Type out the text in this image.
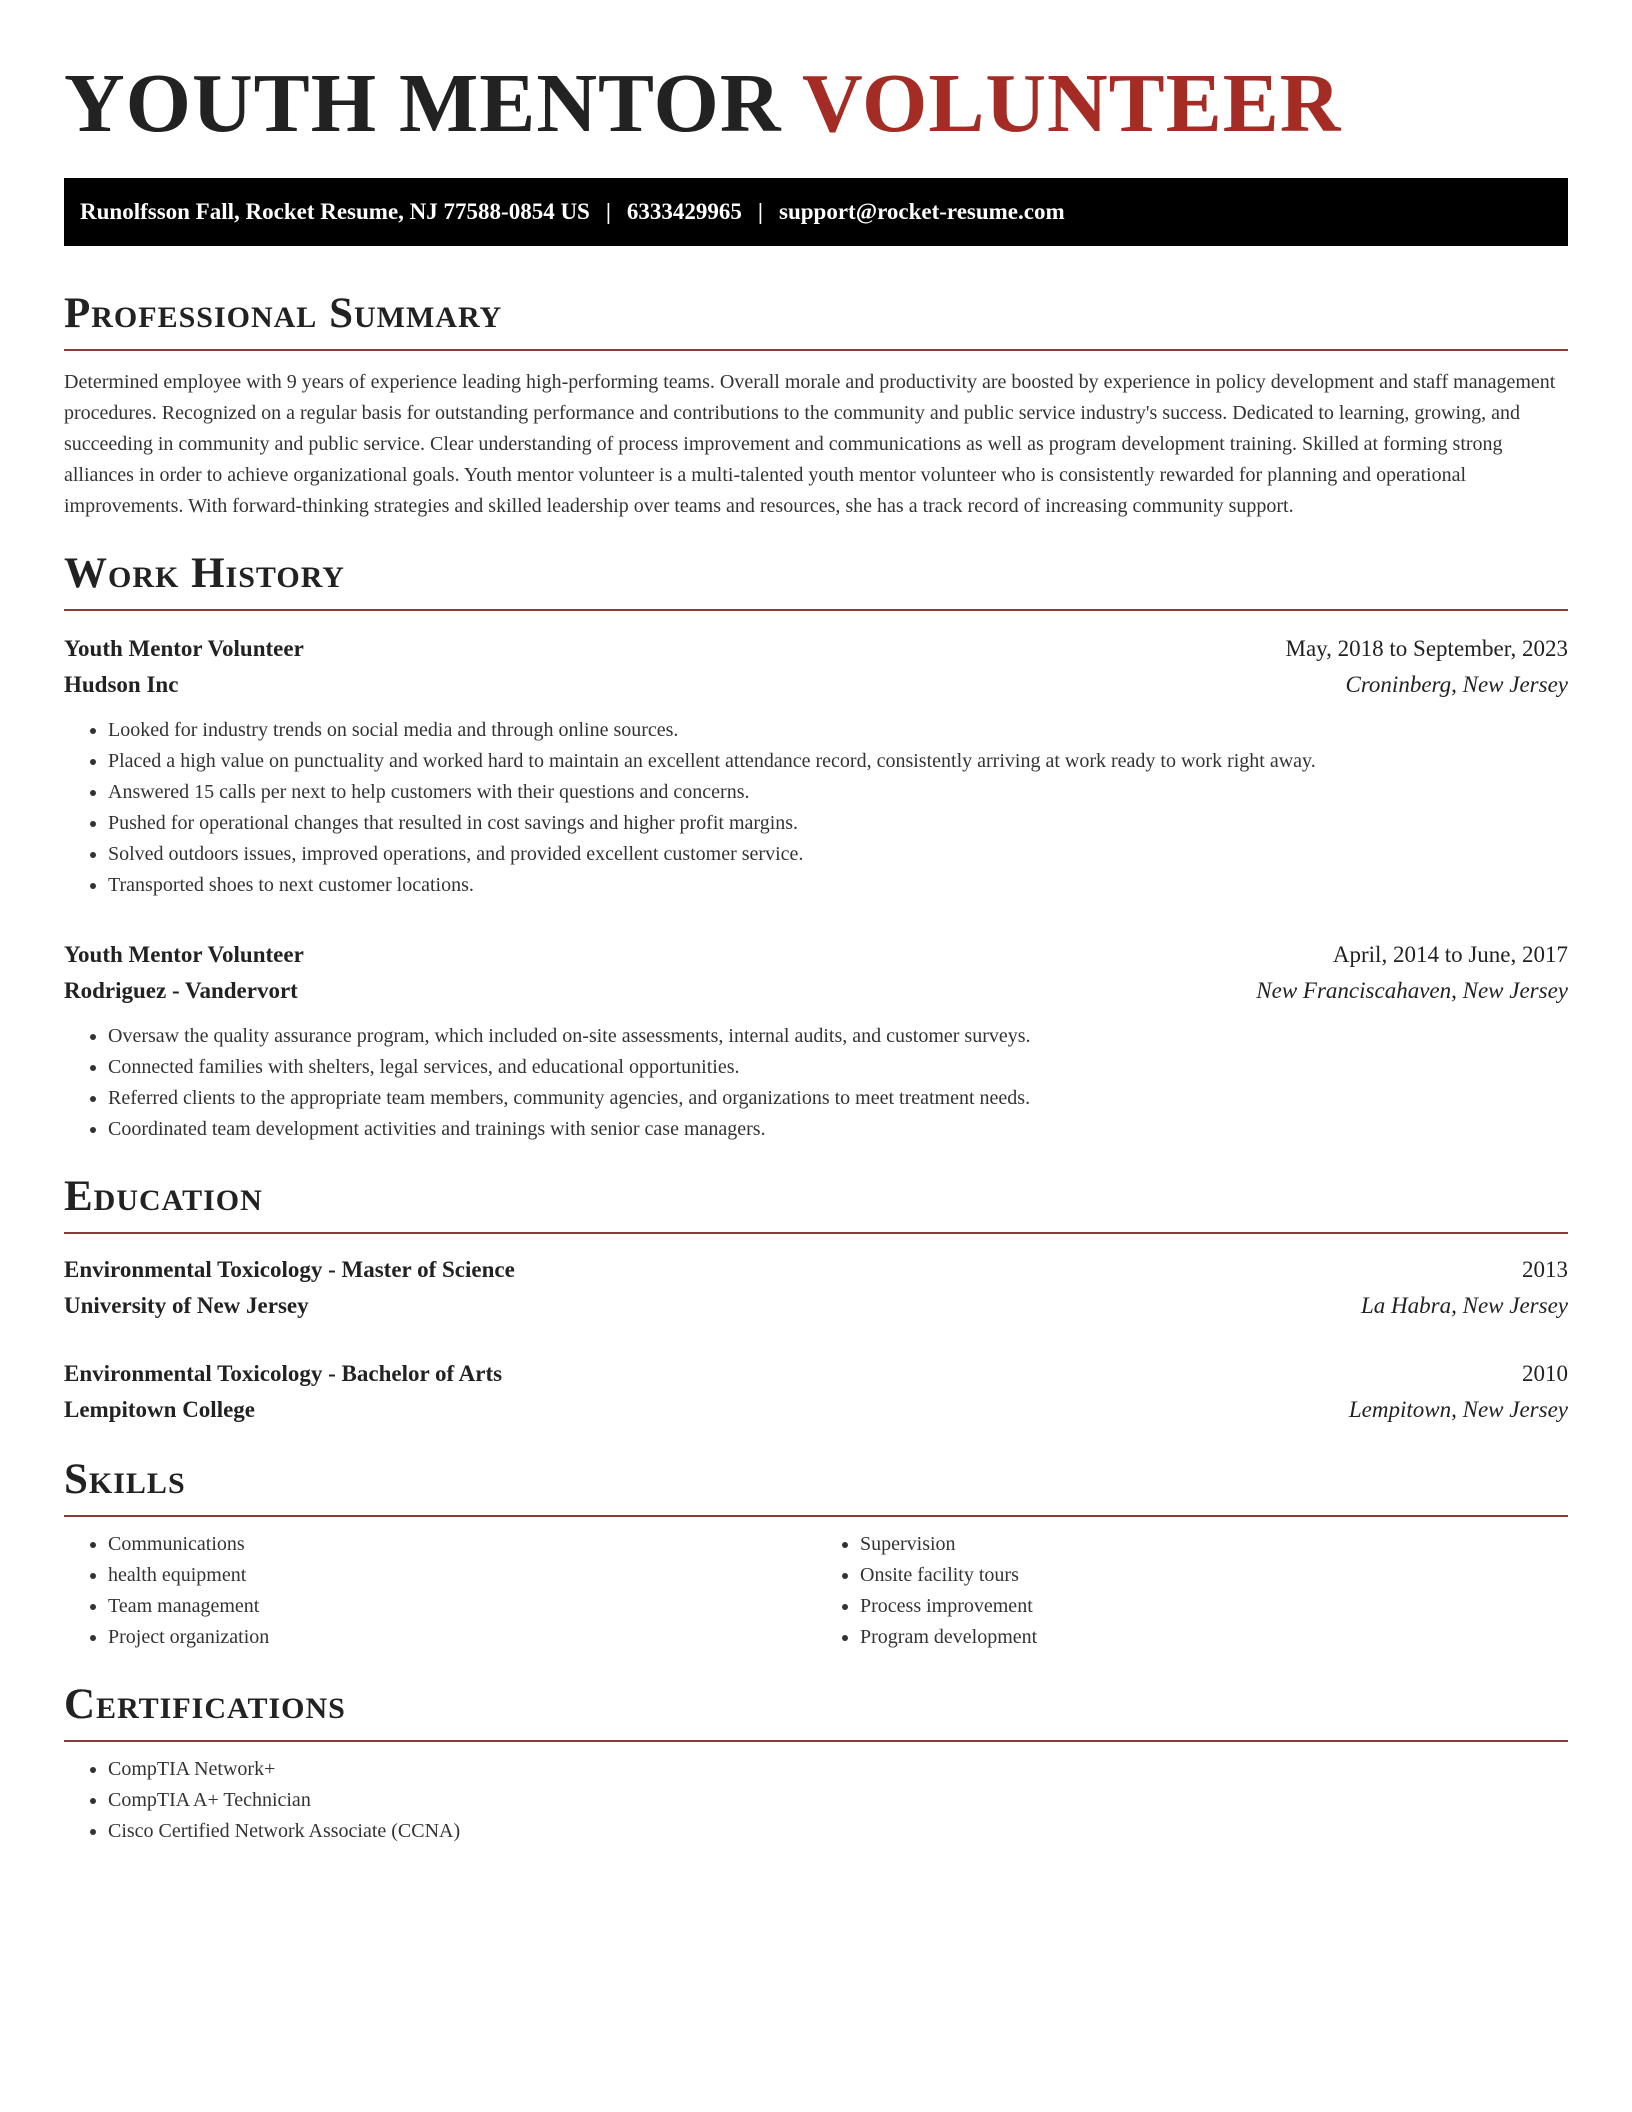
YOUTH MENTOR VOLUNTEER
Runolfsson Fall, Rocket Resume, NJ 77588-0854 US | 6333429965 | support@rocket-resume.com
Professional Summary
Determined employee with 9 years of experience leading high-performing teams. Overall morale and productivity are boosted by experience in policy development and staff management procedures. Recognized on a regular basis for outstanding performance and contributions to the community and public service industry's success. Dedicated to learning, growing, and succeeding in community and public service. Clear understanding of process improvement and communications as well as program development training. Skilled at forming strong alliances in order to achieve organizational goals. Youth mentor volunteer is a multi-talented youth mentor volunteer who is consistently rewarded for planning and operational improvements. With forward-thinking strategies and skilled leadership over teams and resources, she has a track record of increasing community support.
Work History
Youth Mentor Volunteer	May, 2018 to September, 2023
Hudson Inc	Croninberg, New Jersey
• Looked for industry trends on social media and through online sources.
• Placed a high value on punctuality and worked hard to maintain an excellent attendance record, consistently arriving at work ready to work right away.
• Answered 15 calls per next to help customers with their questions and concerns.
• Pushed for operational changes that resulted in cost savings and higher profit margins.
• Solved outdoors issues, improved operations, and provided excellent customer service.
• Transported shoes to next customer locations.
Youth Mentor Volunteer	April, 2014 to June, 2017
Rodriguez - Vandervort	New Franciscahaven, New Jersey
• Oversaw the quality assurance program, which included on-site assessments, internal audits, and customer surveys.
• Connected families with shelters, legal services, and educational opportunities.
• Referred clients to the appropriate team members, community agencies, and organizations to meet treatment needs.
• Coordinated team development activities and trainings with senior case managers.
Education
Environmental Toxicology - Master of Science	2013
University of New Jersey	La Habra, New Jersey
Environmental Toxicology - Bachelor of Arts	2010
Lempitown College	Lempitown, New Jersey
Skills
• Communications
• health equipment
• Team management
• Project organization
• Supervision
• Onsite facility tours
• Process improvement
• Program development
Certifications
• CompTIA Network+
• CompTIA A+ Technician
• Cisco Certified Network Associate (CCNA)
